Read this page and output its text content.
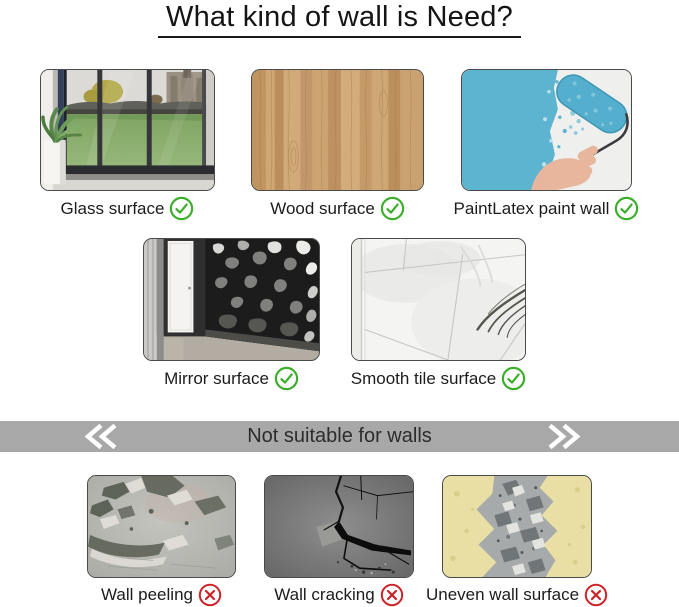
What kind of wall is Need?
Glass surface	Wood surface	PaintLatex paint wall
Mirror surface	Smooth tile surface
Not suitable for walls
Wall peeling	Wall cracking	Uneven wall surface
